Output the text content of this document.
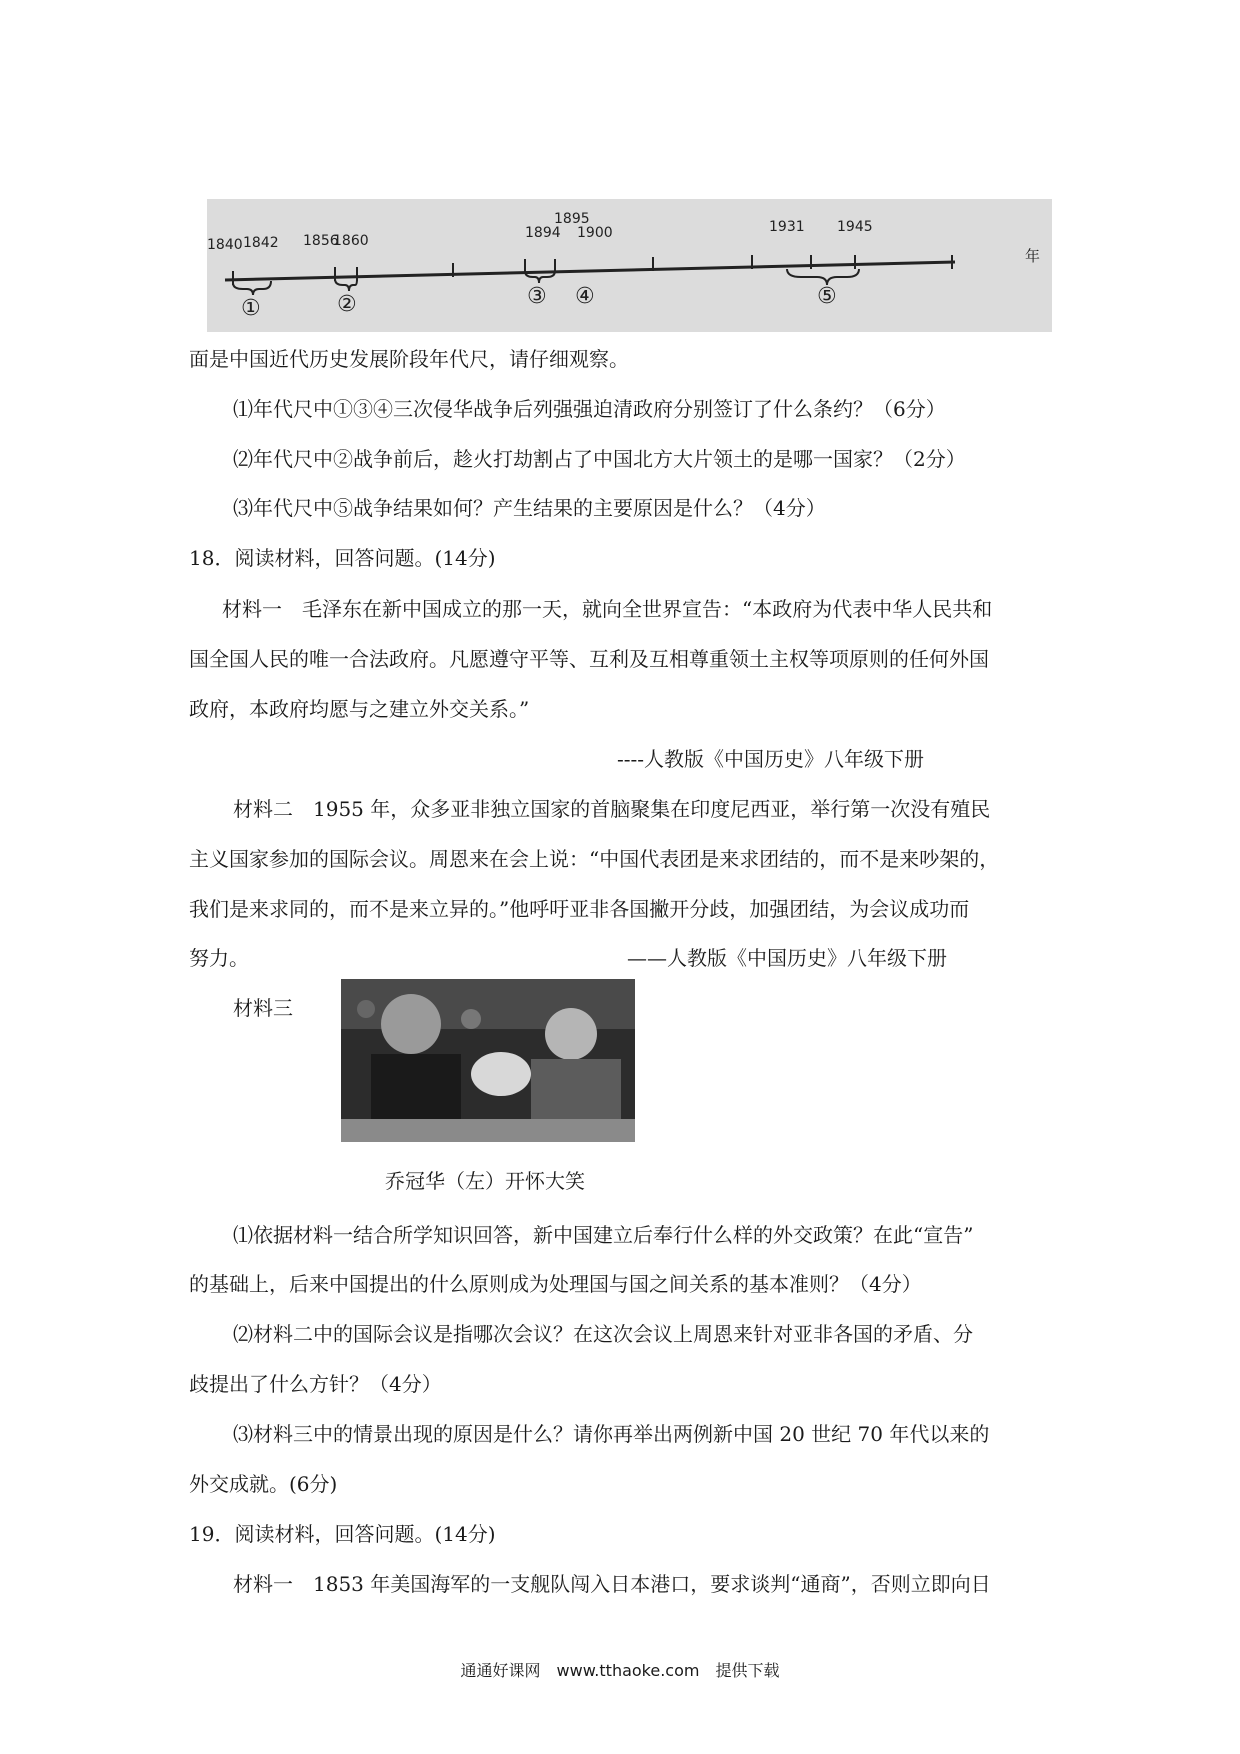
1840 1842 1856
1860	1894
1895
1900	1931 1945
年
①	②	③ ④	⑤
面是中国近代历史发展阶段年代尺，请仔细观察。
⑴年代尺中①③④三次侵华战争后列强强迫清政府分别签订了什么条约？（6分）
⑵年代尺中②战争前后，趁火打劫割占了中国北方大片领土的是哪一国家？（2分）
⑶年代尺中⑤战争结果如何？产生结果的主要原因是什么？（4分）
18．阅读材料，回答问题。(14分)
材料一　毛泽东在新中国成立的那一天，就向全世界宣告：“本政府为代表中华人民共和
国全国人民的唯一合法政府。凡愿遵守平等、互利及互相尊重领土主权等项原则的任何外国
政府，本政府均愿与之建立外交关系。”
----人教版《中国历史》八年级下册
材料二　1955 年，众多亚非独立国家的首脑聚集在印度尼西亚，举行第一次没有殖民
主义国家参加的国际会议。周恩来在会上说：“中国代表团是来求团结的，而不是来吵架的，
我们是来求同的，而不是来立异的。”他呼吁亚非各国撇开分歧，加强团结，为会议成功而
努力。	——人教版《中国历史》八年级下册
材料三
乔冠华（左）开怀大笑
⑴依据材料一结合所学知识回答，新中国建立后奉行什么样的外交政策？在此“宣告”
的基础上，后来中国提出的什么原则成为处理国与国之间关系的基本准则？（4分）
⑵材料二中的国际会议是指哪次会议？在这次会议上周恩来针对亚非各国的矛盾、分
歧提出了什么方针？（4分）
⑶材料三中的情景出现的原因是什么？请你再举出两例新中国 20 世纪 70 年代以来的
外交成就。(6分)
19．阅读材料，回答问题。(14分)
材料一　1853 年美国海军的一支舰队闯入日本港口，要求谈判“通商”，否则立即向日
通通好课网　www.tthaoke.com　提供下载
